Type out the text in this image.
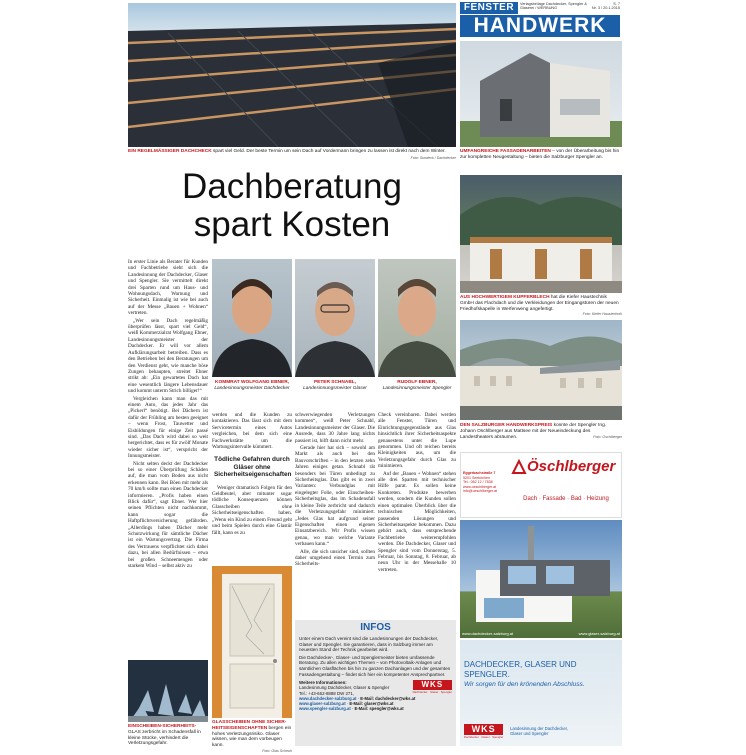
FENSTER	Verlagsbeilage Dachdecker, Spengler &	S. 7
Glaserei / WERBUNG	Nr. 3 / 20.1.2015
HANDWERK
EIN REGELMÄSSIGER DACHCHECK spart viel Geld. Der beste Termin um sein Dach auf Vordermann bringen zu lassen ist direkt nach dem Winter.
Foto: Sundeck / Dachdecker
UMFANGREICHE FASSADENARBEITEN – von der Überarbeitung bis hin zur kompletten Neugestaltung – bieten die Salzburger Spengler an.
Dachberatung
spart Kosten
KOMMRAT WOLFGANG EBNER,
Landesinnungsmeister Dachdecker
PETER SCHNABL,
Landesinnungsmeister Glaser
RUDOLF EBNER,
Landesinnungsmeister Spengler

In erster Linie als Berater für Kunden und Fachbetriebe sieht sich die Landesinnung der Dachdecker, Glaser und Spengler. Sie vermittelt direkt drei Sparten rund um Haus- und Wohnungsdach, Warnung und Sicherheit. Einmalig ist wie bei auch auf der Messe „Bauen + Wohnen“ vertreten.

„Wer sein Dach regelmäßig überprüfen lässt, spart viel Geld“, weiß Kommerzialrat Wolfgang Ebner, Landesinnungsmeister der Dachdecker. Er will vor allem Aufklärungsarbeit betreiben. Dass es den Betrieben bei den Beratungen um den Verdienst geht, wie manche böse Zungen behaupten, streitet Ebner strikt ab: „Ein gewartetes Dach hat eine wesentlich längere Lebensdauer und kommt unterm Strich billiger!“

Vergleichen kann man das mit einem Auto, das jedes Jahr das „Pickerl“ benötigt. Bei Dächern ist dafür der Frühling am besten geeignet – wenn Frost, Tauwetter und Eisbildungen für einige Zeit passé sind. „Das Dach wird dabei so weit hergerichtet, dass es für zwölf Monate wieder sicher ist“, verspricht der Innungsmeister.

Nicht selten deckt der Dachdecker bei so einer Überprüfung Schäden auf, die man vom Boden aus nicht erkennen kann. Bei Böen mit mehr als 70 km/h sollte man einen Dachdecker informieren. „Profis haben einen Blick dafür“, sagt Ebner. Wer hier seinen Pflichten nicht nachkommt, kann sogar die Haftpflichtversicherung gefährden. „Allerdings haben Dächer mehr Schutzwirkung für sämtliche Dächer ist ein Wartungsvertrag. Die Firma des Vertrauens verpflichtet sich dabei dazu, bei allen Bedürfnissen – etwa bei großen Schneemengen oder starkem Wind – selbst aktiv zu

werden und die Kunden zu kontaktieren. Das lässt sich mit dem Servicetermin eines Autos vergleichen, bei dem sich eine Fachwerkstätte um die Wartungsintervalle kümmert.

Tödliche Gefahren durch Gläser ohne Sicherheitseigenschaften

Weniger dramatisch Folgen für den Geldbeutel, aber mitunter sogar tödliche Konsequenzen können Glasscheiben ohne Sicherheitseigenschaften haben. „Wenn ein Kind zu einem Freund geht und beim Spielen durch eine Glastür fällt, kann es zu

schwerwiegenden Verletzungen kommen“, weiß Peter Schnabl, Landesinnungsmeister der Glaser. Die Ausrede, dass 30 Jahre lang nichts passiert ist, hilft dann nicht mehr.

Gerade hier hat sich – sowohl am Markt als auch bei den Bauvorschriften – in den letzten zehn Jahren einiges getan. Schnabl rät besonders bei Türen unbedingt zu Sicherheitsglas. Das gibt es in zwei Varianten: Verbundglas mit eingelegter Folie, oder Einscheiben-Sicherheitsglas, das im Schadensfall in kleine Teile zerbricht und dadurch die Verletzungsgefahr minimiert. „Jedes Glas hat aufgrund seiner Eigenschaften einen eigenen Einsatzbereich. Wir Profis wissen genau, wo man welche Variante verbauen kann.“

Alle, die sich unsicher sind, sollten daher umgehend einen Termin zum Sicherheits-

Check vereinbaren. Dabei werden alle Fenster, Türen und Einrichtungsgegenstände aus Glas hinsichtlich ihrer Sicherheitsaspekte genauestens unter die Lupe genommen. Und oft reichen bereits Kleinigkeiten aus, um die Verletzungsgefahr durch Glas zu minimieren.

Auf der „Bauen + Wohnen“ stehen alle drei Sparten mit technischer Hilfe parat. Es sollen keine Konkreten. Produkte bewerben werden, sondern die Kunden sollen einen optimalen Überblick über die technischen Möglichkeiten, passenden Lösungen und Sicherheitsaspekte bekommen. Dazu gehört auch, dass entsprechende Fachbetriebe weiterempfohlen werden. Die Dachdecker, Glaser und Spengler sind vom Donnerstag, 5. Februar, bis Sonntag, 8. Februar, ab neun Uhr in der Messehalle 10 vertreten.

GLASSCHEIBEN OHNE SICHER-HEITSEIGENSCHAFTEN bergen ein hohes Verletzungsrisiko. Glaser wissen, wie man dem vorbeugen kann.
Foto: Glas Scheuh
EINSCHEIBEN-SICHERHEITS- GLAS zerbricht im Schadensfall in kleine Stücke, verhindert die Verletzungsgefahr.
INFOS

Unter einem Dach vereint sind die Landesinnungen der Dachdecker, Glaser und Spengler. Sie garantieren, dass in Salzburg immer am neuesten Stand der Technik gearbeitet wird.

Die Dachdecker-, Glaser- und Spenglermeister bieten umfassende Beratung. Zu allen wichtigen Themen – von Photovoltaik-Anlagen und sämtlichen Glasflächen bis hin zu ganzen Dachanlagen und der gesamten Fassadengestaltung – findet sich hier ein kompetenter Ansprechpartner.

Weitere Informationen:
Landesinnung Dachdecker, Glaser & Spengler
Tel.: +43-662-8888 DW 271,
WKS
Dachdecker · Glaser · Spengler
www.dachdecker-salzburg.at · E-Mail: dachdecker@wks.at
www.glaser-salzburg.at · E-Mail: glaser@wks.at
www.spengler-salzburg.at · E-Mail: spengler@wks.at
AUS HOCHWERTIGEM KUPFERBLECH hat die Kiefer Haustechnik GmbH das Flachdach und die Verkleidungen der Eingangstüren der neuen Friedhofskapelle in Werfenweng angefertigt.
Foto: Kiefer Haustechnik
DEN SALZBURGER HANDWERKSPREIS konnte der Spengler Ing. Johann Oschlberger aus Mattsee mit der Neueindeckung des Landestheaters abräumen.	Foto: Oschlberger
Eggerbachstraße 7
5201 Seekirchen
Tel.: 062 12 / 7838
www.oeschlberger.at
info@oeschlberger.at
Öschlberger
Dach · Fassade · Bad · Heizung
www.dachdecker-salzburg.at	www.glaser-salzburg.at
DACHDECKER, GLASER UND SPENGLER.
Wir sorgen für den krönenden Abschluss.
WKS
Dachdecker · Glaser · Spengler
Landesinnung der Dachdecker, Glaser und Spengler
